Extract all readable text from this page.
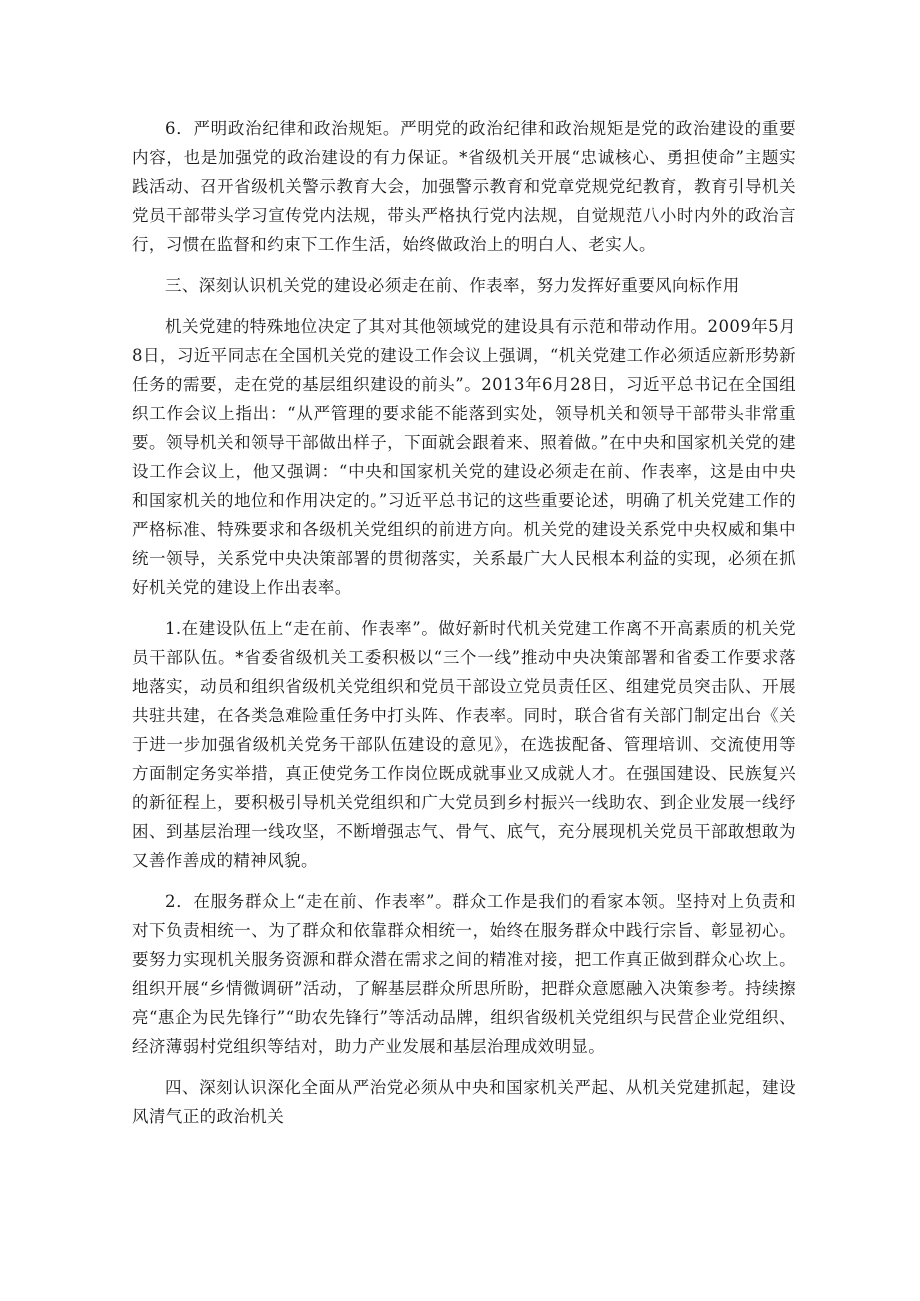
6．严明政治纪律和政治规矩。严明党的政治纪律和政治规矩是党的政治建设的重要内容，也是加强党的政治建设的有力保证。*省级机关开展“忠诚核心、勇担使命”主题实践活动、召开省级机关警示教育大会，加强警示教育和党章党规党纪教育，教育引导机关党员干部带头学习宣传党内法规，带头严格执行党内法规，自觉规范八小时内外的政治言行，习惯在监督和约束下工作生活，始终做政治上的明白人、老实人。

三、深刻认识机关党的建设必须走在前、作表率，努力发挥好重要风向标作用

机关党建的特殊地位决定了其对其他领域党的建设具有示范和带动作用。2009年5月8日，习近平同志在全国机关党的建设工作会议上强调，“机关党建工作必须适应新形势新任务的需要，走在党的基层组织建设的前头”。2013年6月28日，习近平总书记在全国组织工作会议上指出：“从严管理的要求能不能落到实处，领导机关和领导干部带头非常重要。领导机关和领导干部做出样子，下面就会跟着来、照着做。”在中央和国家机关党的建设工作会议上，他又强调：“中央和国家机关党的建设必须走在前、作表率，这是由中央和国家机关的地位和作用决定的。”习近平总书记的这些重要论述，明确了机关党建工作的严格标准、特殊要求和各级机关党组织的前进方向。机关党的建设关系党中央权威和集中统一领导，关系党中央决策部署的贯彻落实，关系最广大人民根本利益的实现，必须在抓好机关党的建设上作出表率。

1.在建设队伍上“走在前、作表率”。做好新时代机关党建工作离不开高素质的机关党员干部队伍。*省委省级机关工委积极以“三个一线”推动中央决策部署和省委工作要求落地落实，动员和组织省级机关党组织和党员干部设立党员责任区、组建党员突击队、开展共驻共建，在各类急难险重任务中打头阵、作表率。同时，联合省有关部门制定出台《关于进一步加强省级机关党务干部队伍建设的意见》，在选拔配备、管理培训、交流使用等方面制定务实举措，真正使党务工作岗位既成就事业又成就人才。在强国建设、民族复兴的新征程上，要积极引导机关党组织和广大党员到乡村振兴一线助农、到企业发展一线纾困、到基层治理一线攻坚，不断增强志气、骨气、底气，充分展现机关党员干部敢想敢为又善作善成的精神风貌。

2．在服务群众上“走在前、作表率”。群众工作是我们的看家本领。坚持对上负责和对下负责相统一、为了群众和依靠群众相统一，始终在服务群众中践行宗旨、彰显初心。要努力实现机关服务资源和群众潜在需求之间的精准对接，把工作真正做到群众心坎上。组织开展“乡情微调研”活动，了解基层群众所思所盼，把群众意愿融入决策参考。持续擦亮“惠企为民先锋行”“助农先锋行”等活动品牌，组织省级机关党组织与民营企业党组织、经济薄弱村党组织等结对，助力产业发展和基层治理成效明显。

四、深刻认识深化全面从严治党必须从中央和国家机关严起、从机关党建抓起，建设风清气正的政治机关
